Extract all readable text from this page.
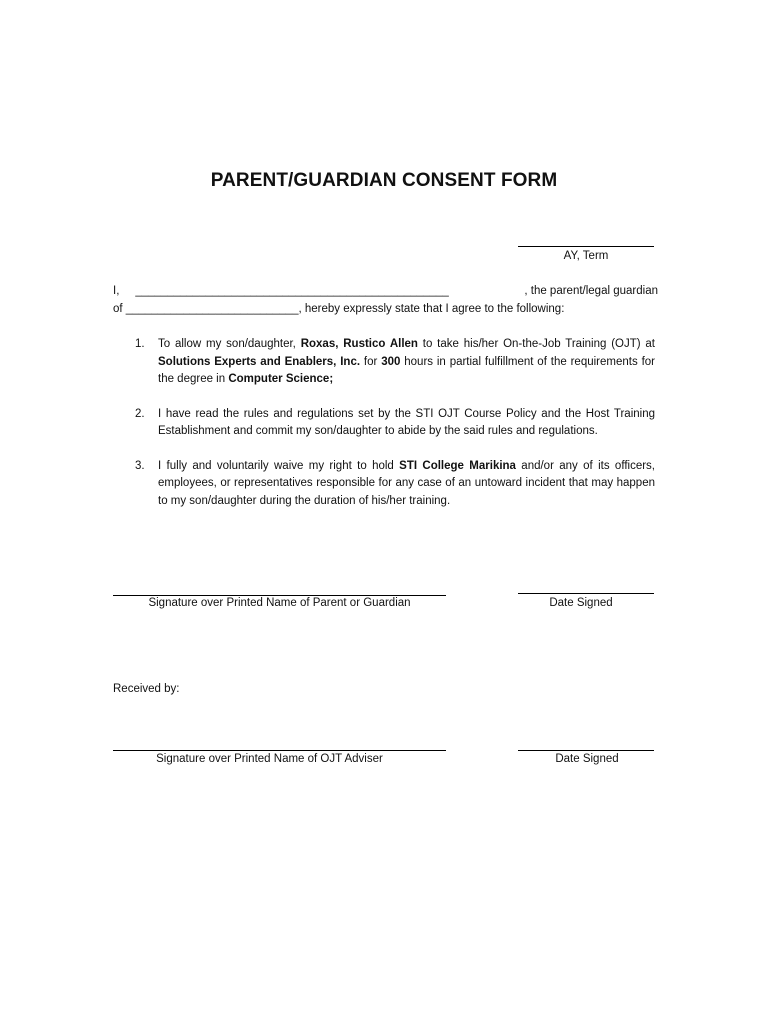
PARENT/GUARDIAN CONSENT FORM
AY, Term
I,     _________________________________________________	, the parent/legal guardian
of ___________________________, hereby expressly state that I agree to the following:
1. To allow my son/daughter, Roxas, Rustico Allen to take his/her On-the-Job Training (OJT) at Solutions Experts and Enablers, Inc. for 300 hours in partial fulfillment of the requirements for the degree in Computer Science;
2. I have read the rules and regulations set by the STI OJT Course Policy and the Host Training Establishment and commit my son/daughter to abide by the said rules and regulations.
3. I fully and voluntarily waive my right to hold STI College Marikina and/or any of its officers, employees, or representatives responsible for any case of an untoward incident that may happen to my son/daughter during the duration of his/her training.
Signature over Printed Name of Parent or Guardian	Date Signed
Received by:
Signature over Printed Name of OJT Adviser	Date Signed
